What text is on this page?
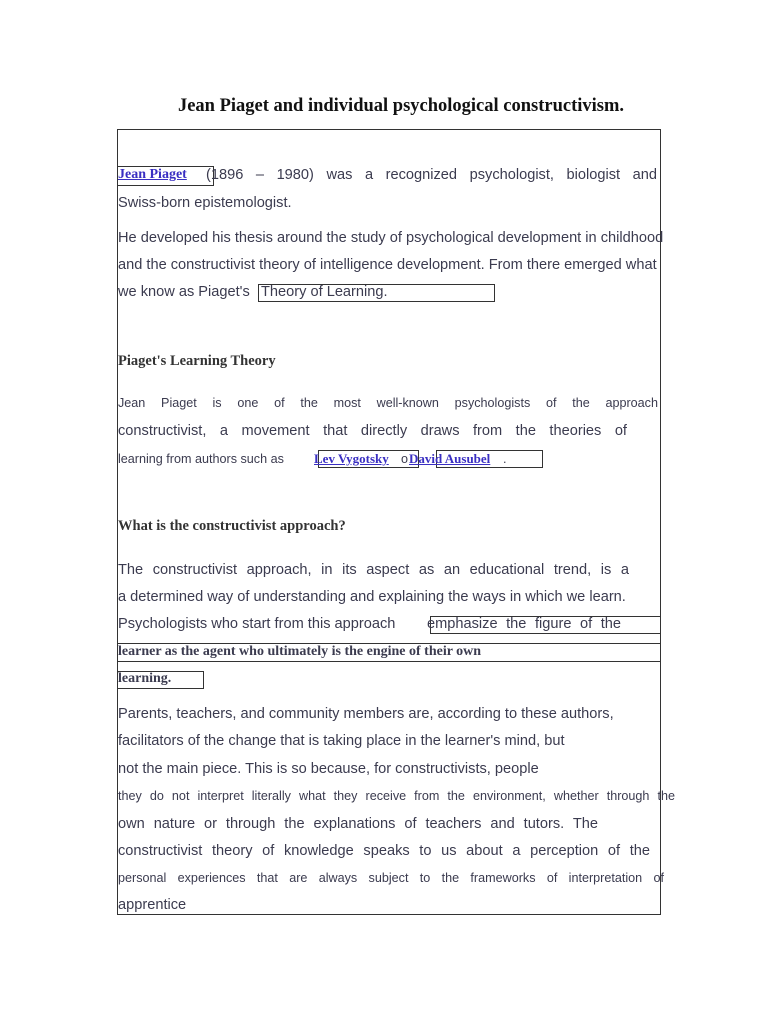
Jean Piaget and individual psychological constructivism.
Jean Piaget (1896 – 1980) was a recognized psychologist, biologist and
Swiss-born epistemologist.
He developed his thesis around the study of psychological development in childhood
and the constructivist theory of intelligence development. From there emerged what
we know as Piaget's Theory of Learning.
Piaget's Learning Theory
Jean Piaget is one of the most well-known psychologists of the approach
constructivist, a movement that directly draws from the theories of
learning from authors such as Lev Vygotsky o David Ausubel .
What is the constructivist approach?
The constructivist approach, in its aspect as an educational trend, is a
a determined way of understanding and explaining the ways in which we learn.
Psychologists who start from this approach emphasize the figure of the
learner as the agent who ultimately is the engine of their own
learning.
Parents, teachers, and community members are, according to these authors,
facilitators of the change that is taking place in the learner's mind, but
not the main piece. This is so because, for constructivists, people
they do not interpret literally what they receive from the environment, whether through the
own nature or through the explanations of teachers and tutors. The
constructivist theory of knowledge speaks to us about a perception of the
personal experiences that are always subject to the frameworks of interpretation of
apprentice
